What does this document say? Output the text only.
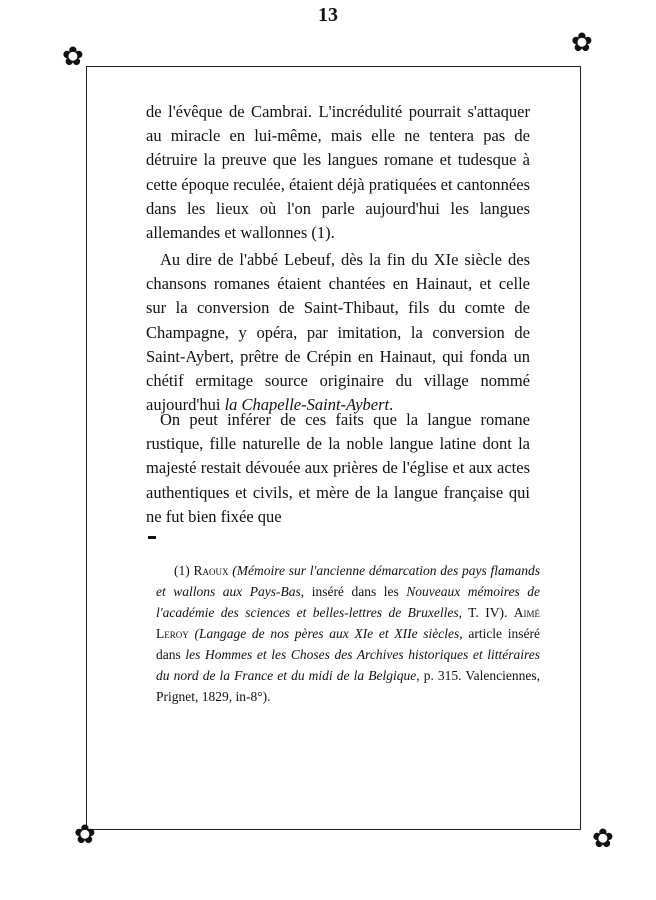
13
✿	✿
✿	✿

de l'évêque de Cambrai. L'incrédulité pourrait s'attaquer au miracle en lui-même, mais elle ne tentera pas de détruire la preuve que les langues romane et tudesque à cette époque reculée, étaient déjà pratiquées et cantonnées dans les lieux où l'on parle aujourd'hui les langues allemandes et wallonnes (1).

Au dire de l'abbé Lebeuf, dès la fin du XIe siècle des chansons romanes étaient chantées en Hainaut, et celle sur la conversion de Saint-Thibaut, fils du comte de Champagne, y opéra, par imitation, la conversion de Saint-Aybert, prêtre de Crépin en Hainaut, qui fonda un chétif ermitage source originaire du village nommé aujourd'hui la Chapelle-Saint-Aybert.

On peut inférer de ces faits que la langue romane rustique, fille naturelle de la noble langue latine dont la majesté restait dévouée aux prières de l'église et aux actes authentiques et civils, et mère de la langue française qui ne fut bien fixée que

(1) Raoux (Mémoire sur l'ancienne démarcation des pays flamands et wallons aux Pays-Bas, inséré dans les Nouveaux mémoires de l'académie des sciences et belles-lettres de Bruxelles, T. IV). Aimé Leroy (Langage de nos pères aux XIe et XIIe siècles, article inséré dans les Hommes et les Choses des Archives historiques et littéraires du nord de la France et du midi de la Belgique, p. 315. Valenciennes, Prignet, 1829, in-8°).
